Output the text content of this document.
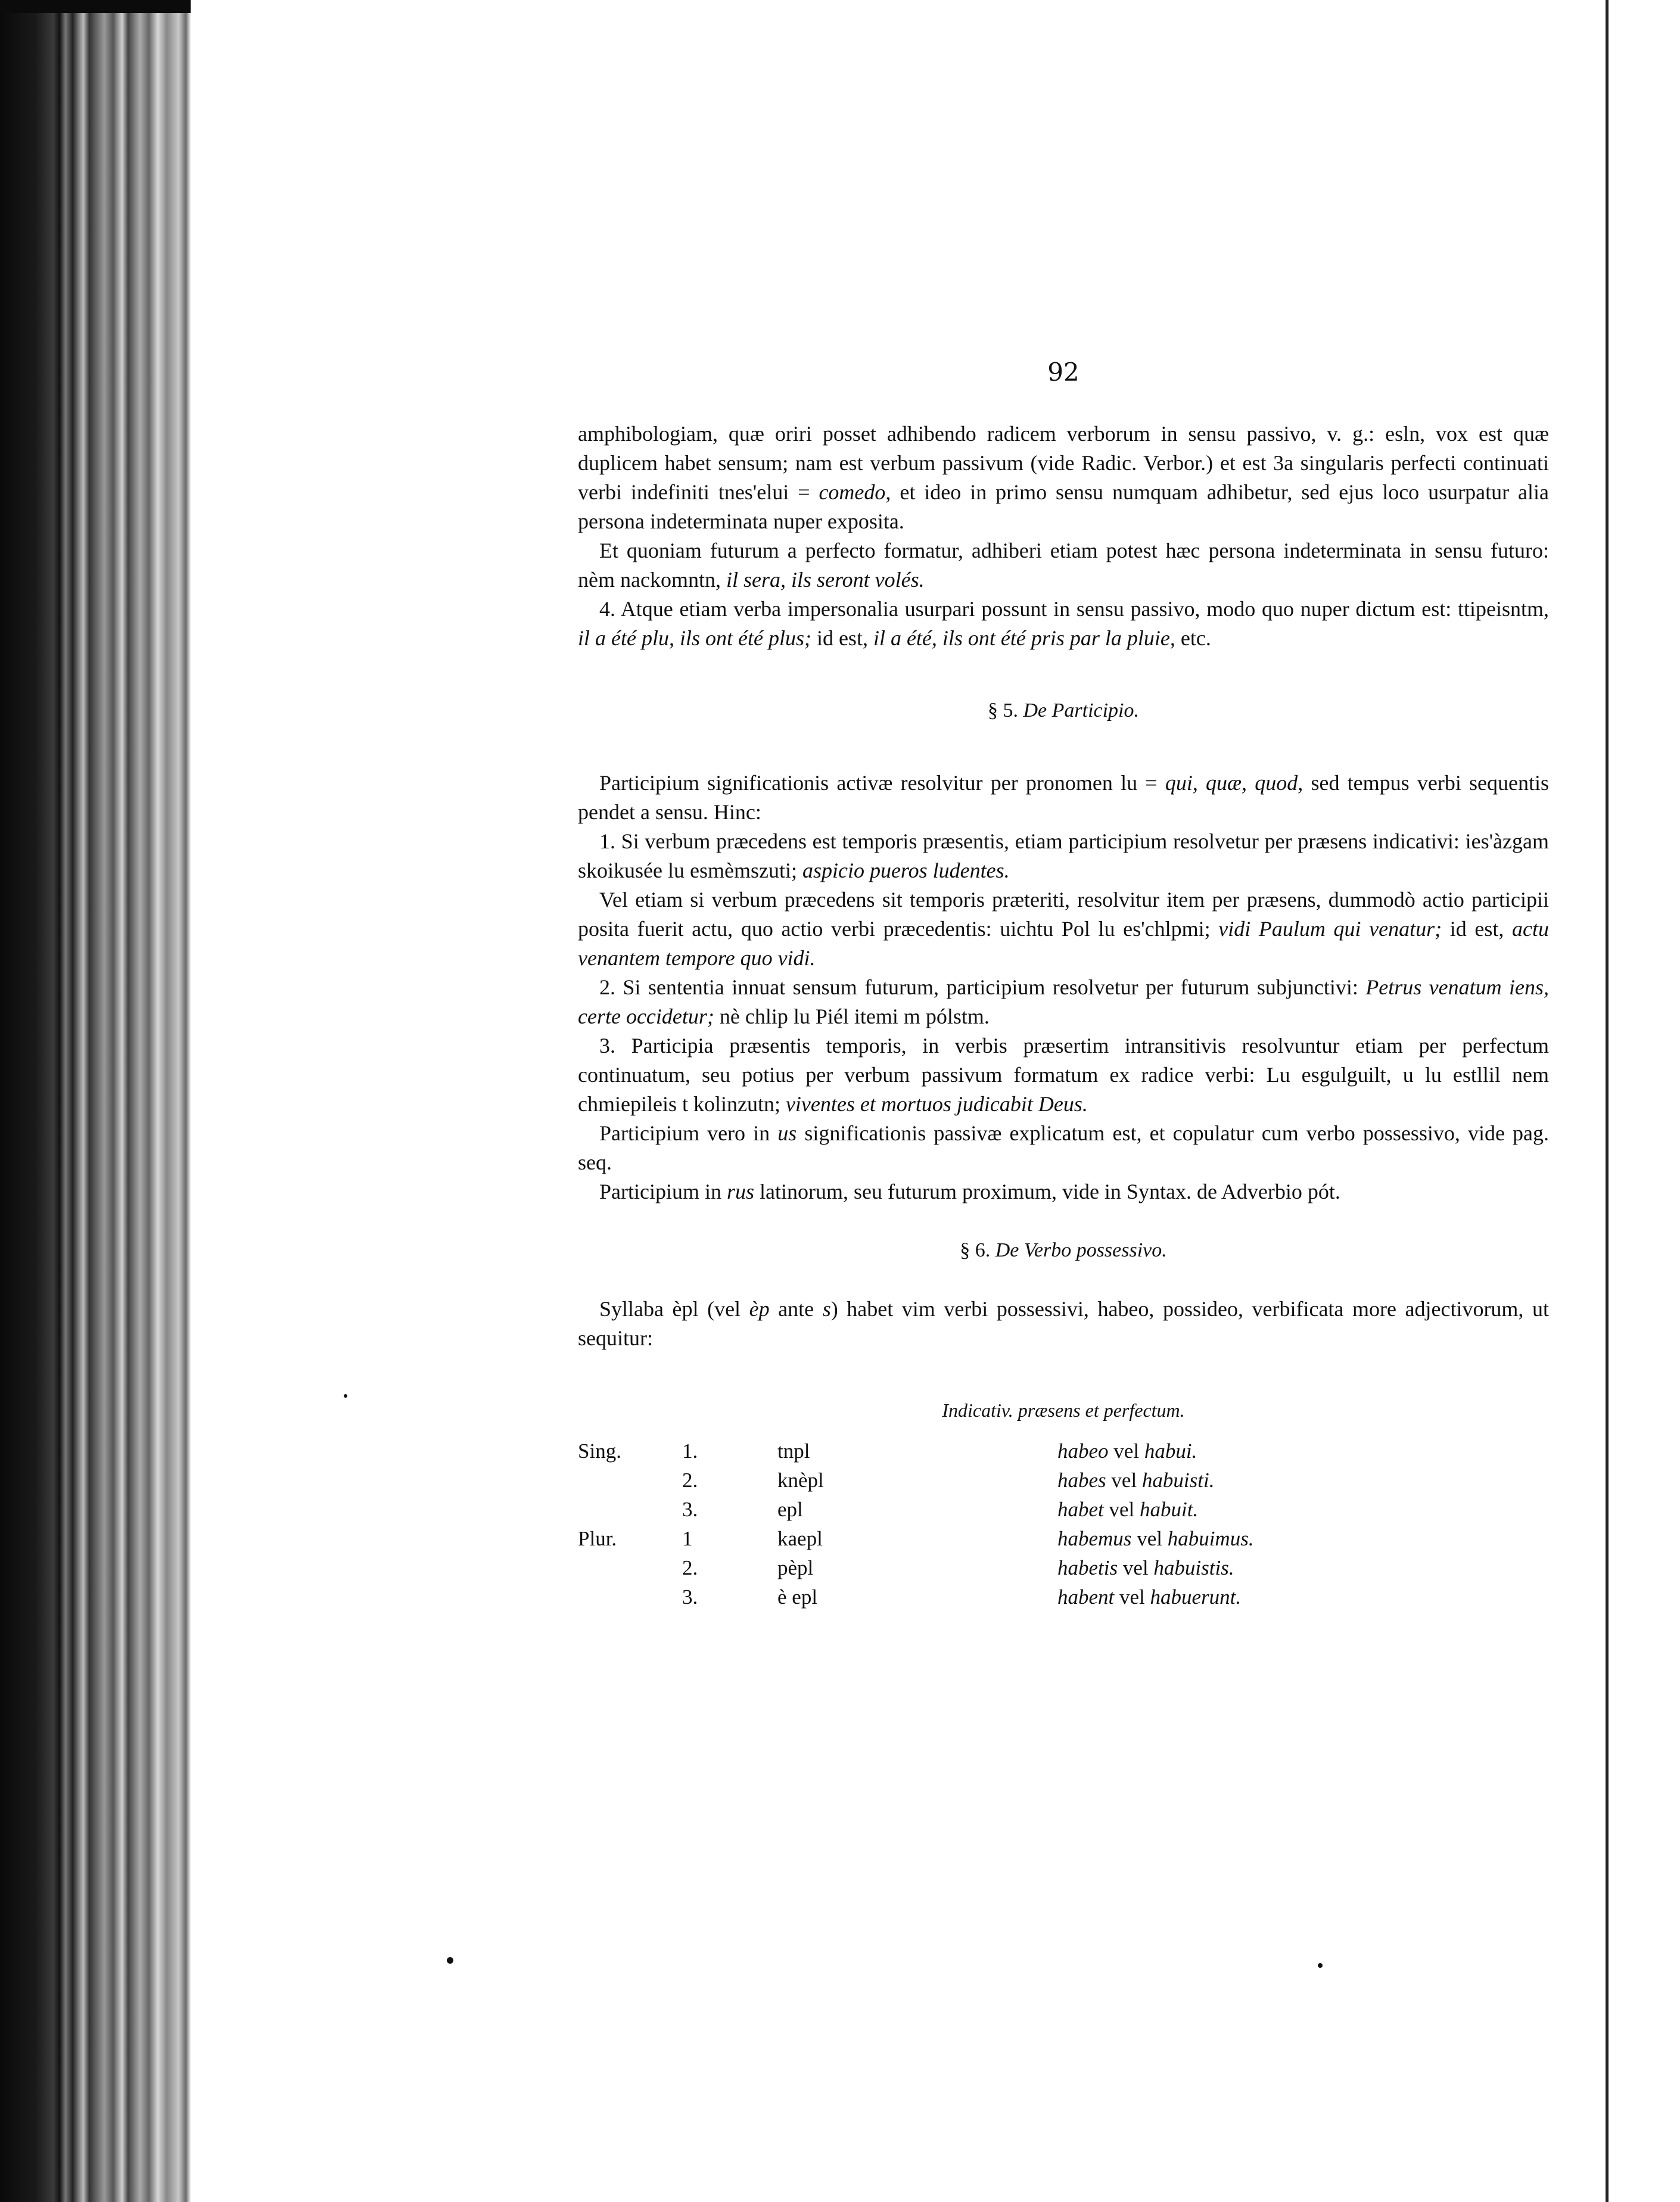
92

amphibologiam, quæ oriri posset adhibendo radicem verborum in sensu passivo, v. g.: esln, vox est quæ duplicem habet sensum; nam est verbum passivum (vide Radic. Verbor.) et est 3a singularis perfecti continuati verbi indefiniti tnes'elui = comedo, et ideo in primo sensu numquam adhibetur, sed ejus loco usurpatur alia persona indeterminata nuper exposita.

Et quoniam futurum a perfecto formatur, adhiberi etiam potest hæc persona indeterminata in sensu futuro: nèm nackomntn, il sera, ils seront volés.

4. Atque etiam verba impersonalia usurpari possunt in sensu passivo, modo quo nuper dictum est: ttipeisntm, il a été plu, ils ont été plus; id est, il a été, ils ont été pris par la pluie, etc.

§ 5. De Participio.

Participium significationis activæ resolvitur per pronomen lu = qui, quæ, quod, sed tempus verbi sequentis pendet a sensu. Hinc:

1. Si verbum præcedens est temporis præsentis, etiam participium resolvetur per præsens indicativi: ies'àzgam skoikusée lu esmèmszuti; aspicio pueros ludentes.

Vel etiam si verbum præcedens sit temporis præteriti, resolvitur item per præsens, dummodò actio participii posita fuerit actu, quo actio verbi præcedentis: uichtu Pol lu es'chlpmi; vidi Paulum qui venatur; id est, actu venantem tempore quo vidi.

2. Si sententia innuat sensum futurum, participium resolvetur per futurum subjunctivi: Petrus venatum iens, certe occidetur; nè chlip lu Piél itemi m pólstm.

3. Participia præsentis temporis, in verbis præsertim intransitivis resolvuntur etiam per perfectum continuatum, seu potius per verbum passivum formatum ex radice verbi: Lu esgulguilt, u lu estllil nem chmiepileis t kolinzutn; viventes et mortuos judicabit Deus.

Participium vero in us significationis passivæ explicatum est, et copulatur cum verbo possessivo, vide pag. seq.

Participium in rus latinorum, seu futurum proximum, vide in Syntax. de Adverbio pót.

§ 6. De Verbo possessivo.

Syllaba èpl (vel èp ante s) habet vim verbi possessivi, habeo, possideo, verbificata more adjectivorum, ut sequitur:

Indicativ. præsens et perfectum.
Sing.	1.	tnpl	habeo vel habui.
	2.	knèpl	habes vel habuisti.
	3.	epl	habet vel habuit.
Plur.	1	kaepl	habemus vel habuimus.
	2.	pèpl	habetis vel habuistis.
	3.	è epl	habent vel habuerunt.
